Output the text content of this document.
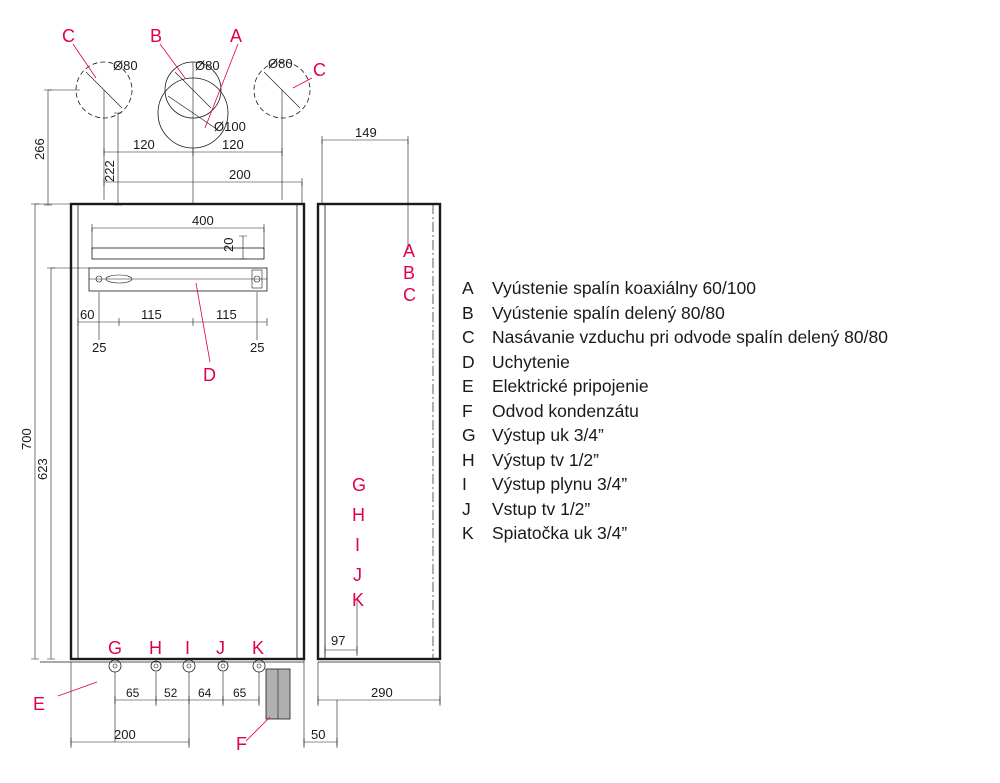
Ø80	Ø80	Ø80
Ø100
120	120
200
266
222
400
20
60	115	115
25	25
700
623
65 52 64 65
200	50
149
97
290
C	B	A
C
A
B
C
G
H
I
J
K
D
E
F
G H I J K
A	Vyústenie spalín koaxiálny 60/100
B	Vyústenie spalín delený 80/80
C Nasávanie vzduchu pri odvode spalín delený 80/80
D Uchytenie
E	Elektrické pripojenie
F	Odvod kondenzátu
G Výstup uk 3/4”
H Výstup tv 1/2”
I	Výstup plynu 3/4”
J	Vstup tv 1/2”
K	Spiatočka uk 3/4”
